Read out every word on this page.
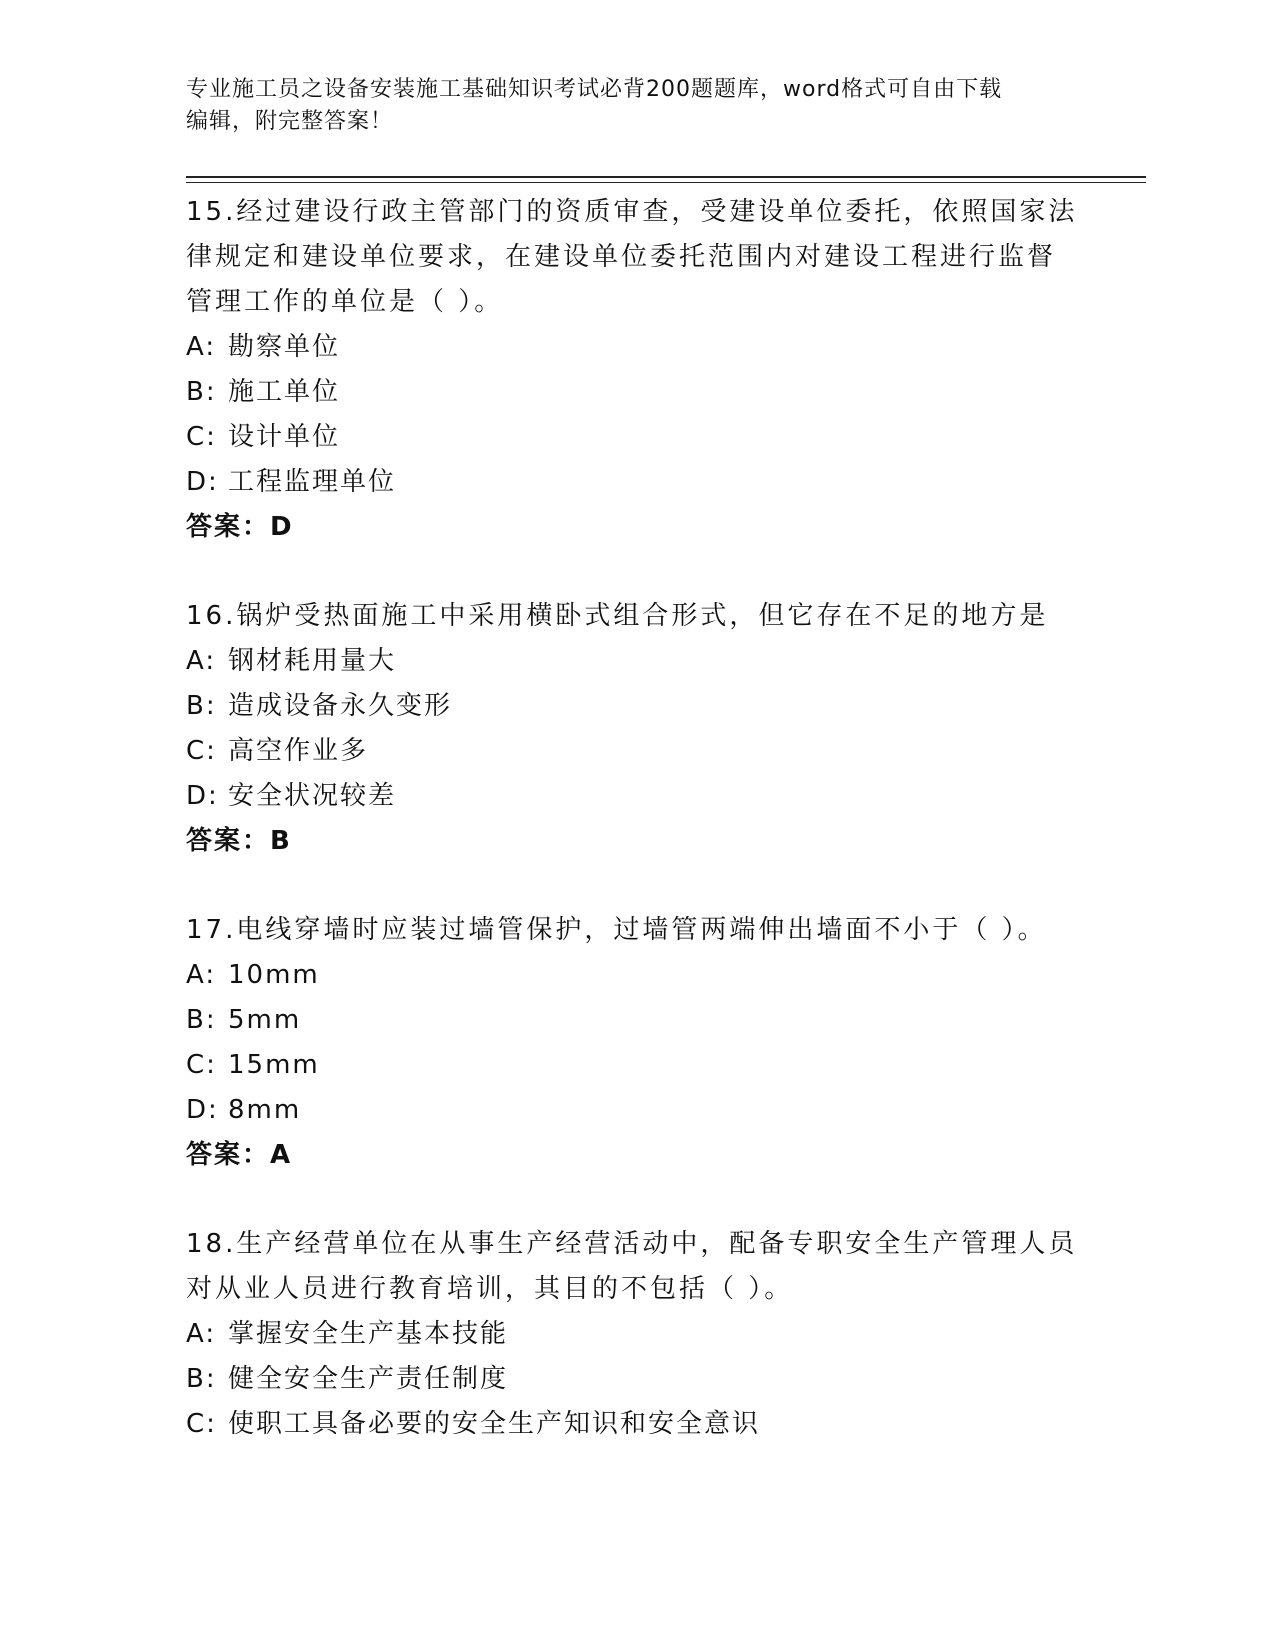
专业施工员之设备安装施工基础知识考试必背200题题库，word格式可自由下载
编辑，附完整答案！

15.经过建设行政主管部门的资质审查，受建设单位委托，依照国家法

律规定和建设单位要求，在建设单位委托范围内对建设工程进行监督

管理工作的单位是（ ）。

A: 勘察单位

B: 施工单位

C: 设计单位

D: 工程监理单位

答案：D

16.锅炉受热面施工中采用横卧式组合形式，但它存在不足的地方是

A: 钢材耗用量大

B: 造成设备永久变形

C: 高空作业多

D: 安全状况较差

答案：B

17.电线穿墙时应装过墙管保护，过墙管两端伸出墙面不小于（ ）。

A: 10mm

B: 5mm

C: 15mm

D: 8mm

答案：A

18.生产经营单位在从事生产经营活动中，配备专职安全生产管理人员

对从业人员进行教育培训，其目的不包括（ ）。

A: 掌握安全生产基本技能

B: 健全安全生产责任制度

C: 使职工具备必要的安全生产知识和安全意识
